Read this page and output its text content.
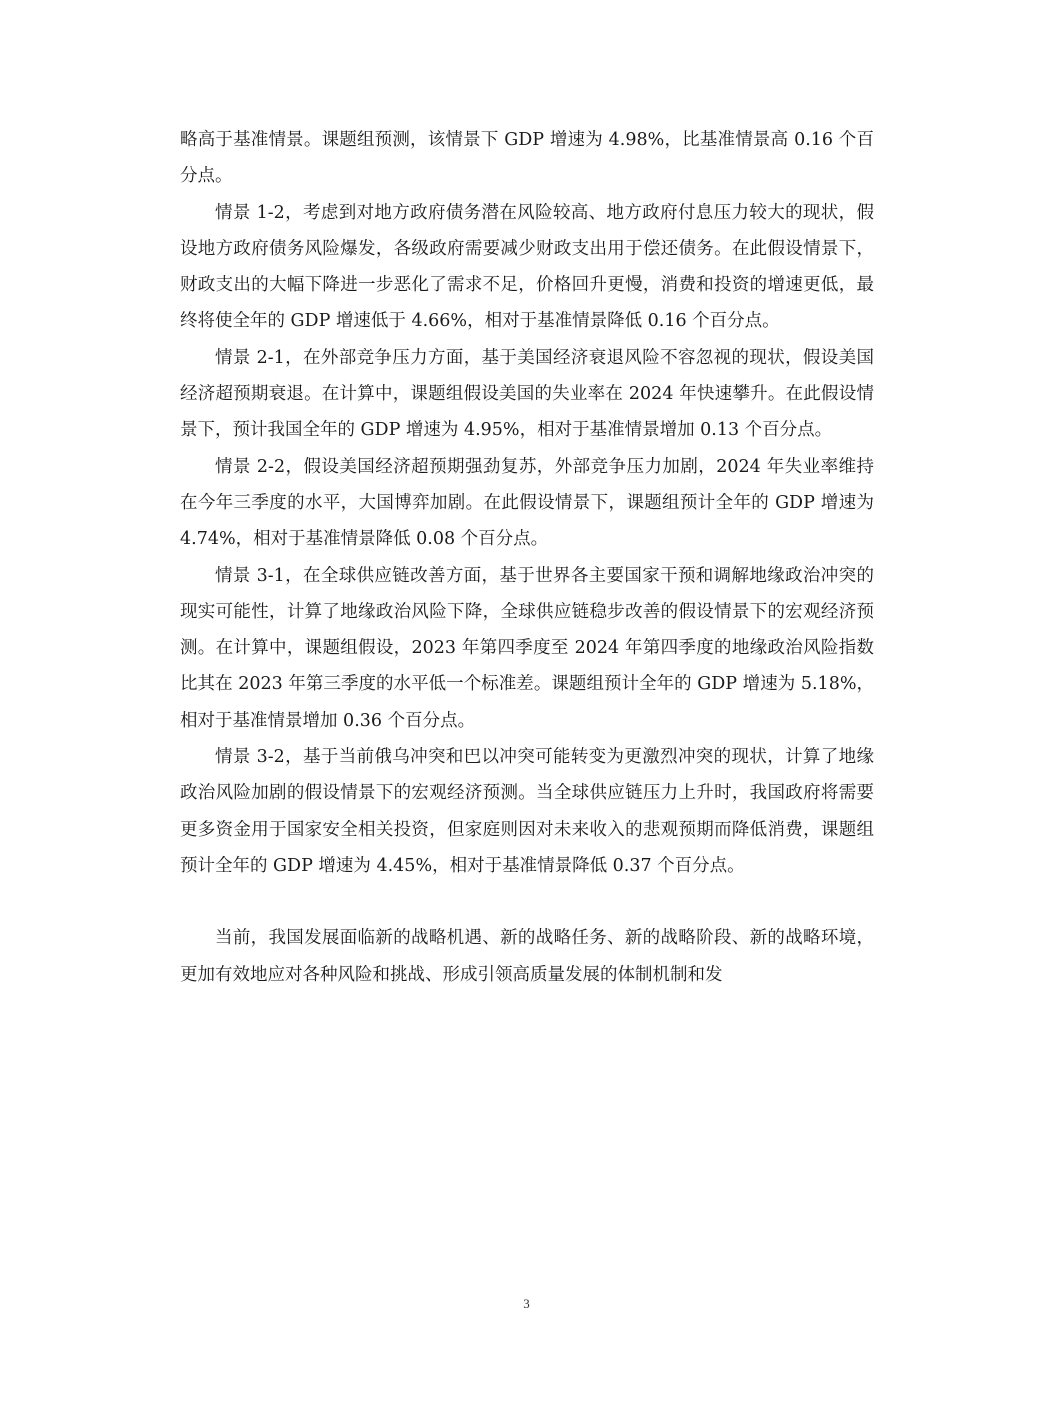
略高于基准情景。课题组预测，该情景下 GDP 增速为 4.98%，比基准情景高 0.16 个百分点。

情景 1-2，考虑到对地方政府债务潜在风险较高、地方政府付息压力较大的现状，假设地方政府债务风险爆发，各级政府需要减少财政支出用于偿还债务。在此假设情景下，财政支出的大幅下降进一步恶化了需求不足，价格回升更慢，消费和投资的增速更低，最终将使全年的 GDP 增速低于 4.66%，相对于基准情景降低 0.16 个百分点。

情景 2-1，在外部竞争压力方面，基于美国经济衰退风险不容忽视的现状，假设美国经济超预期衰退。在计算中，课题组假设美国的失业率在 2024 年快速攀升。在此假设情景下，预计我国全年的 GDP 增速为 4.95%，相对于基准情景增加 0.13 个百分点。

情景 2-2，假设美国经济超预期强劲复苏，外部竞争压力加剧，2024 年失业率维持在今年三季度的水平，大国博弈加剧。在此假设情景下，课题组预计全年的 GDP 增速为 4.74%，相对于基准情景降低 0.08 个百分点。

情景 3-1，在全球供应链改善方面，基于世界各主要国家干预和调解地缘政治冲突的现实可能性，计算了地缘政治风险下降，全球供应链稳步改善的假设情景下的宏观经济预测。在计算中，课题组假设，2023 年第四季度至 2024 年第四季度的地缘政治风险指数比其在 2023 年第三季度的水平低一个标准差。课题组预计全年的 GDP 增速为 5.18%，相对于基准情景增加 0.36 个百分点。

情景 3-2，基于当前俄乌冲突和巴以冲突可能转变为更激烈冲突的现状，计算了地缘政治风险加剧的假设情景下的宏观经济预测。当全球供应链压力上升时，我国政府将需要更多资金用于国家安全相关投资，但家庭则因对未来收入的悲观预期而降低消费，课题组预计全年的 GDP 增速为 4.45%，相对于基准情景降低 0.37 个百分点。

当前，我国发展面临新的战略机遇、新的战略任务、新的战略阶段、新的战略环境，更加有效地应对各种风险和挑战、形成引领高质量发展的体制机制和发

3
